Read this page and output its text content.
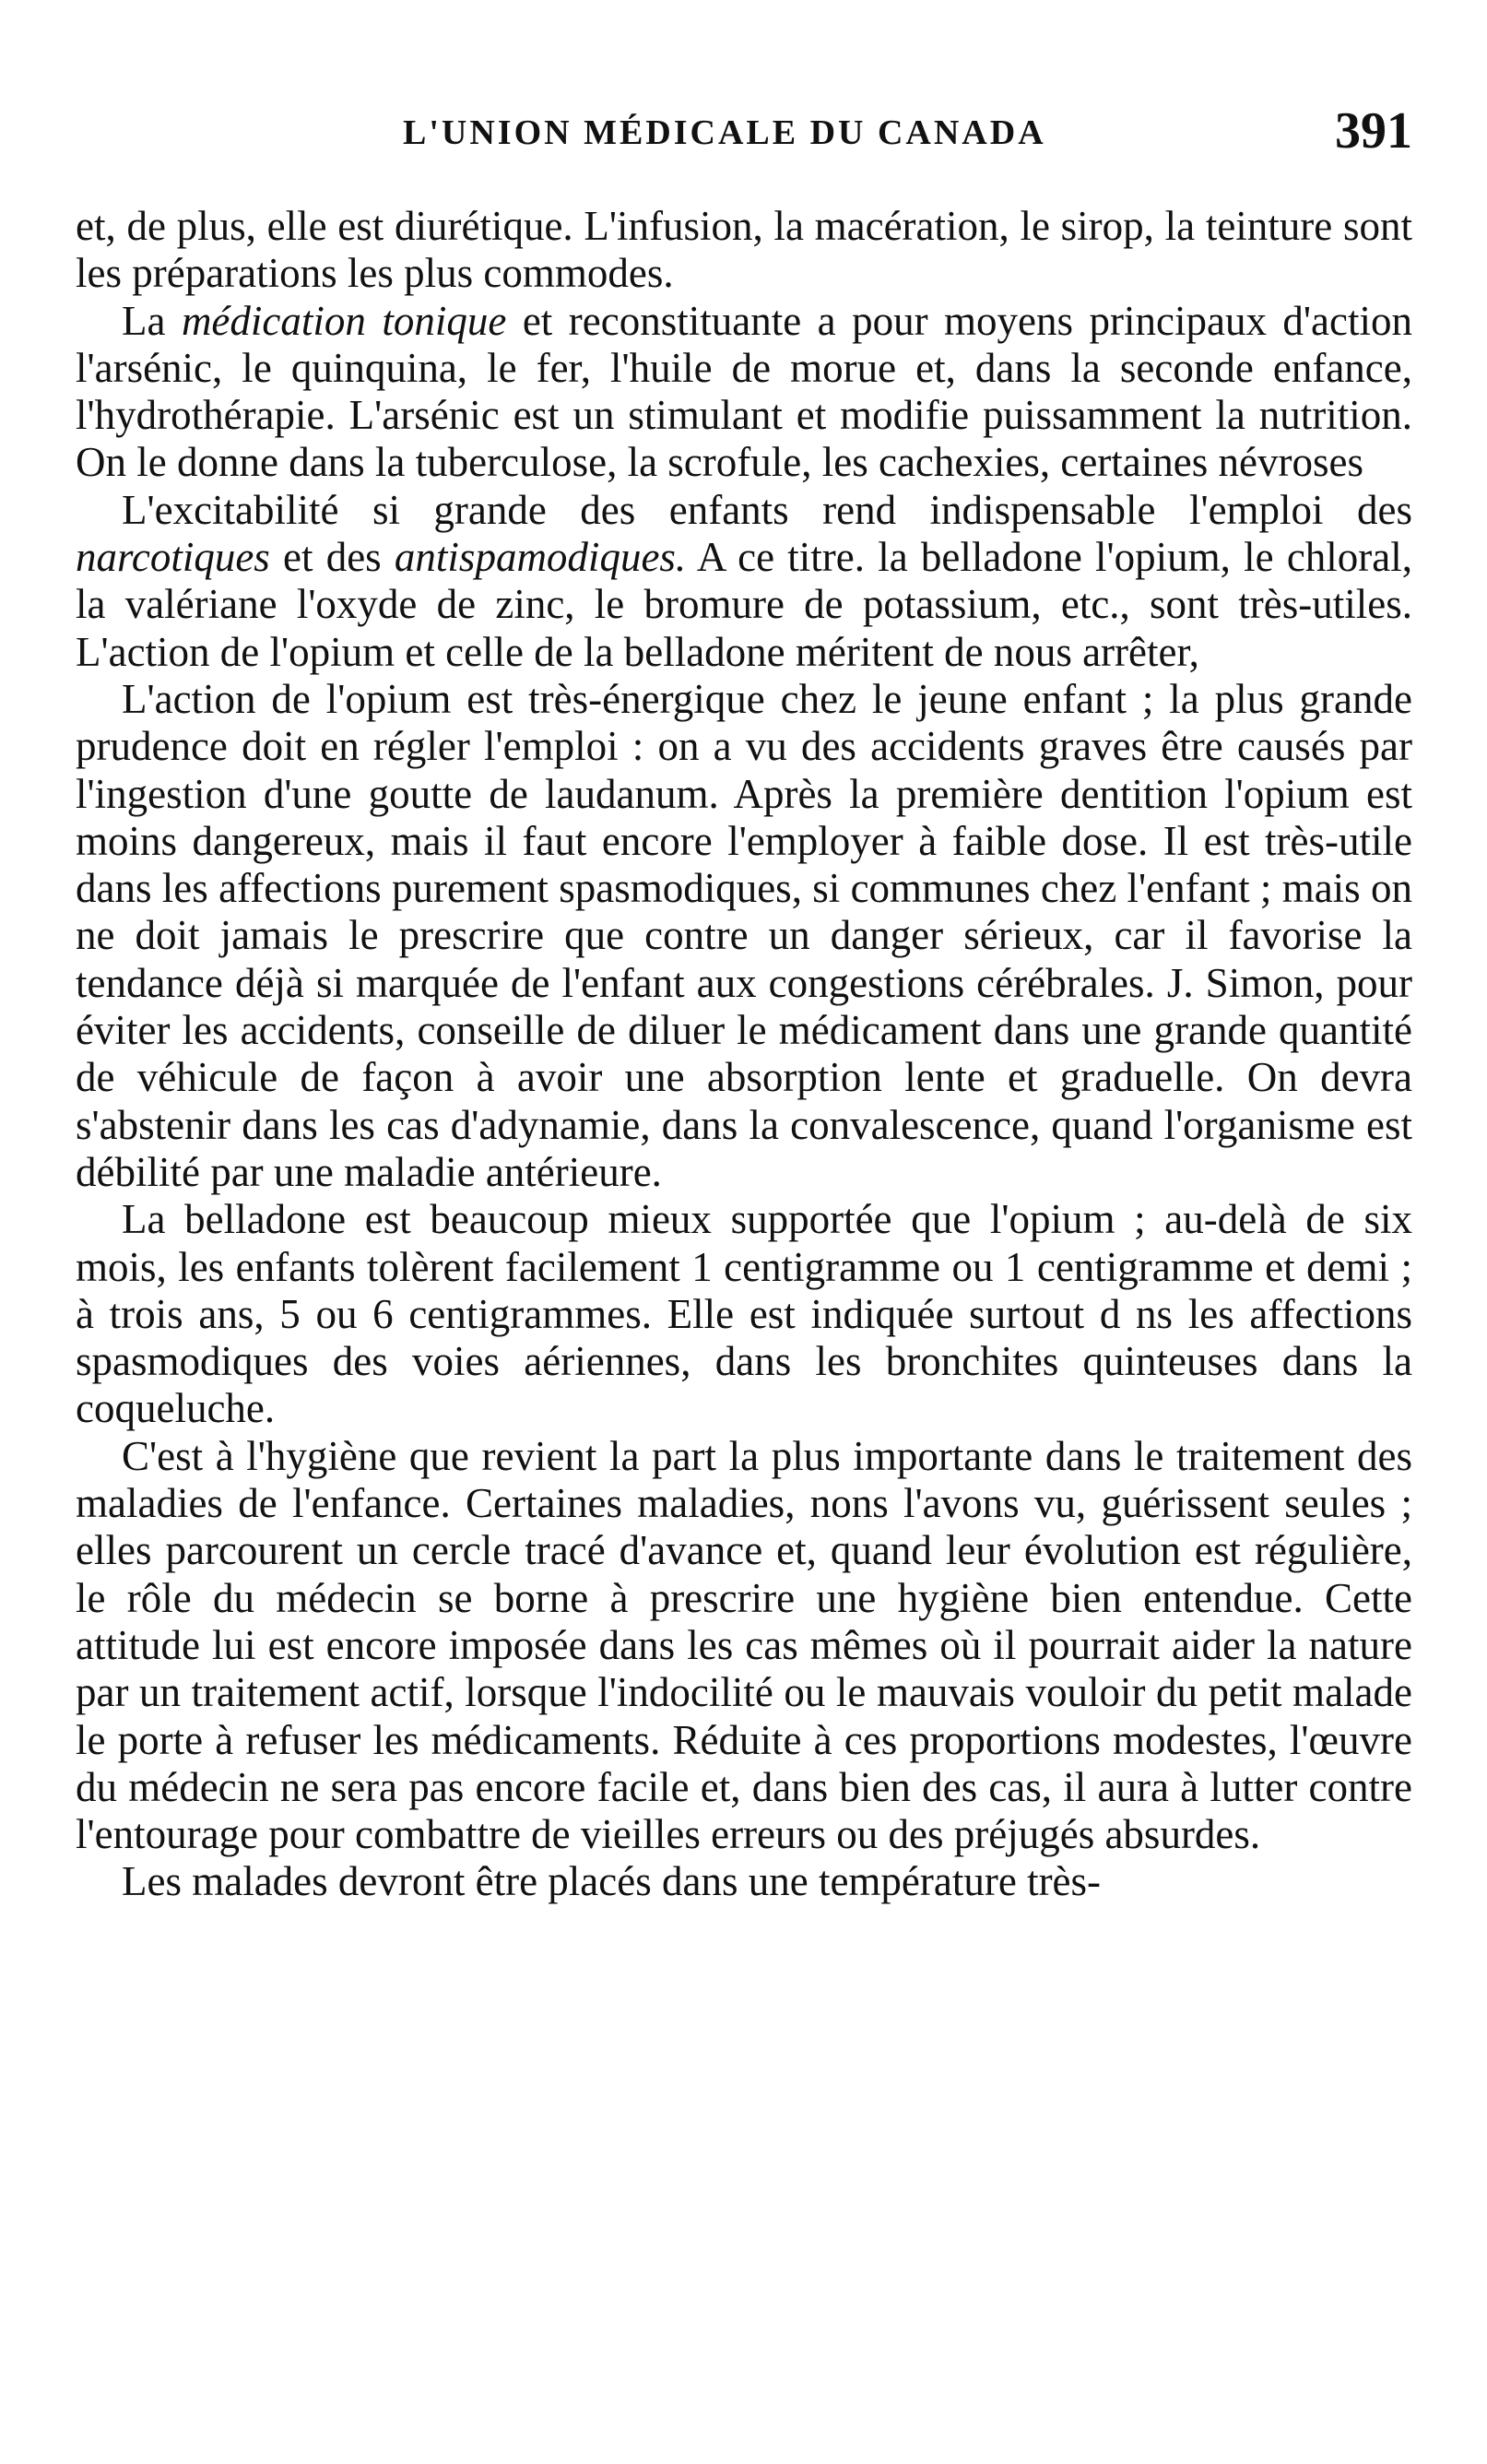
L'UNION MÉDICALE DU CANADA	391

et, de plus, elle est diurétique. L'infusion, la macération, le sirop, la teinture sont les préparations les plus commodes.

La médication tonique et reconstituante a pour moyens principaux d'action l'arsénic, le quinquina, le fer, l'huile de morue et, dans la seconde enfance, l'hydrothérapie. L'arsénic est un stimulant et modifie puissamment la nutrition. On le donne dans la tuberculose, la scrofule, les cachexies, certaines névroses

L'excitabilité si grande des enfants rend indispensable l'emploi des narcotiques et des antispamodiques. A ce titre. la belladone l'opium, le chloral, la valériane l'oxyde de zinc, le bromure de potassium, etc., sont très-utiles. L'action de l'opium et celle de la belladone méritent de nous arrêter,

L'action de l'opium est très-énergique chez le jeune enfant ; la plus grande prudence doit en régler l'emploi : on a vu des accidents graves être causés par l'ingestion d'une goutte de laudanum. Après la première dentition l'opium est moins dangereux, mais il faut encore l'employer à faible dose. Il est très-utile dans les affections purement spasmodiques, si communes chez l'enfant ; mais on ne doit jamais le prescrire que contre un danger sérieux, car il favorise la tendance déjà si marquée de l'enfant aux congestions cérébrales. J. Simon, pour éviter les accidents, conseille de diluer le médicament dans une grande quantité de véhicule de façon à avoir une absorption lente et graduelle. On devra s'abstenir dans les cas d'adynamie, dans la convalescence, quand l'organisme est débilité par une maladie antérieure.

La belladone est beaucoup mieux supportée que l'opium ; au-delà de six mois, les enfants tolèrent facilement 1 centigramme ou 1 centigramme et demi ; à trois ans, 5 ou 6 centigrammes. Elle est indiquée surtout d ns les affections spasmodiques des voies aériennes, dans les bronchites quinteuses dans la coqueluche.

C'est à l'hygiène que revient la part la plus importante dans le traitement des maladies de l'enfance. Certaines maladies, nons l'avons vu, guérissent seules ; elles parcourent un cercle tracé d'avance et, quand leur évolution est régulière, le rôle du médecin se borne à prescrire une hygiène bien entendue. Cette attitude lui est encore imposée dans les cas mêmes où il pourrait aider la nature par un traitement actif, lorsque l'indocilité ou le mauvais vouloir du petit malade le porte à refuser les médicaments. Réduite à ces proportions modestes, l'œuvre du médecin ne sera pas encore facile et, dans bien des cas, il aura à lutter contre l'entourage pour combattre de vieilles erreurs ou des préjugés absurdes.

Les malades devront être placés dans une température très-
